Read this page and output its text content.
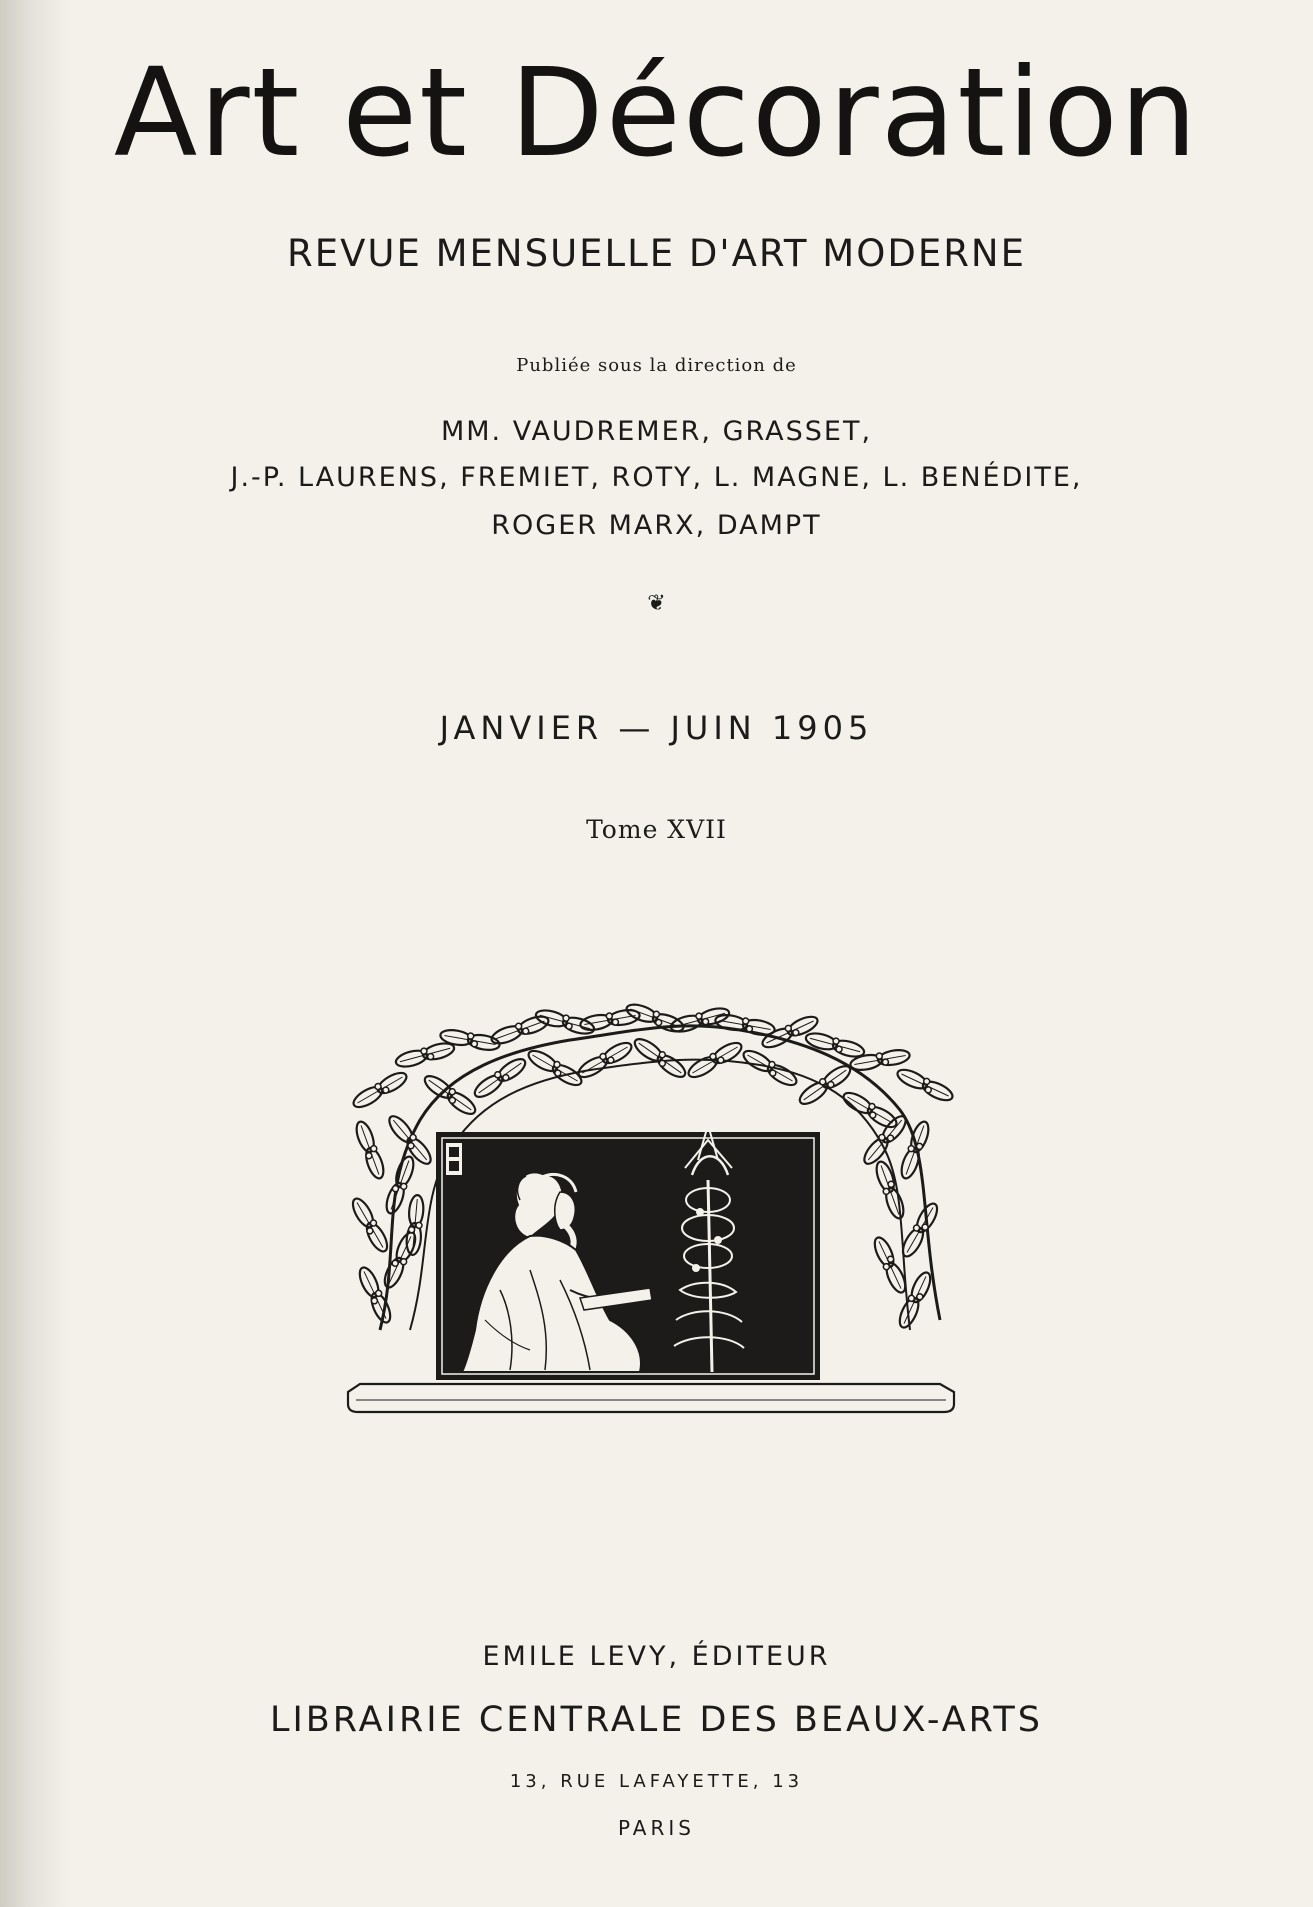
Art et Décoration
REVUE MENSUELLE D'ART MODERNE
Publiée sous la direction de
MM. VAUDREMER, GRASSET,
J.-P. LAURENS, FREMIET, ROTY, L. MAGNE, L. BENÉDITE,
ROGER MARX, DAMPT
❦
JANVIER — JUIN 1905
Tome XVII
EMILE LEVY, ÉDITEUR
LIBRAIRIE CENTRALE DES BEAUX-ARTS
13, RUE LAFAYETTE, 13
PARIS
